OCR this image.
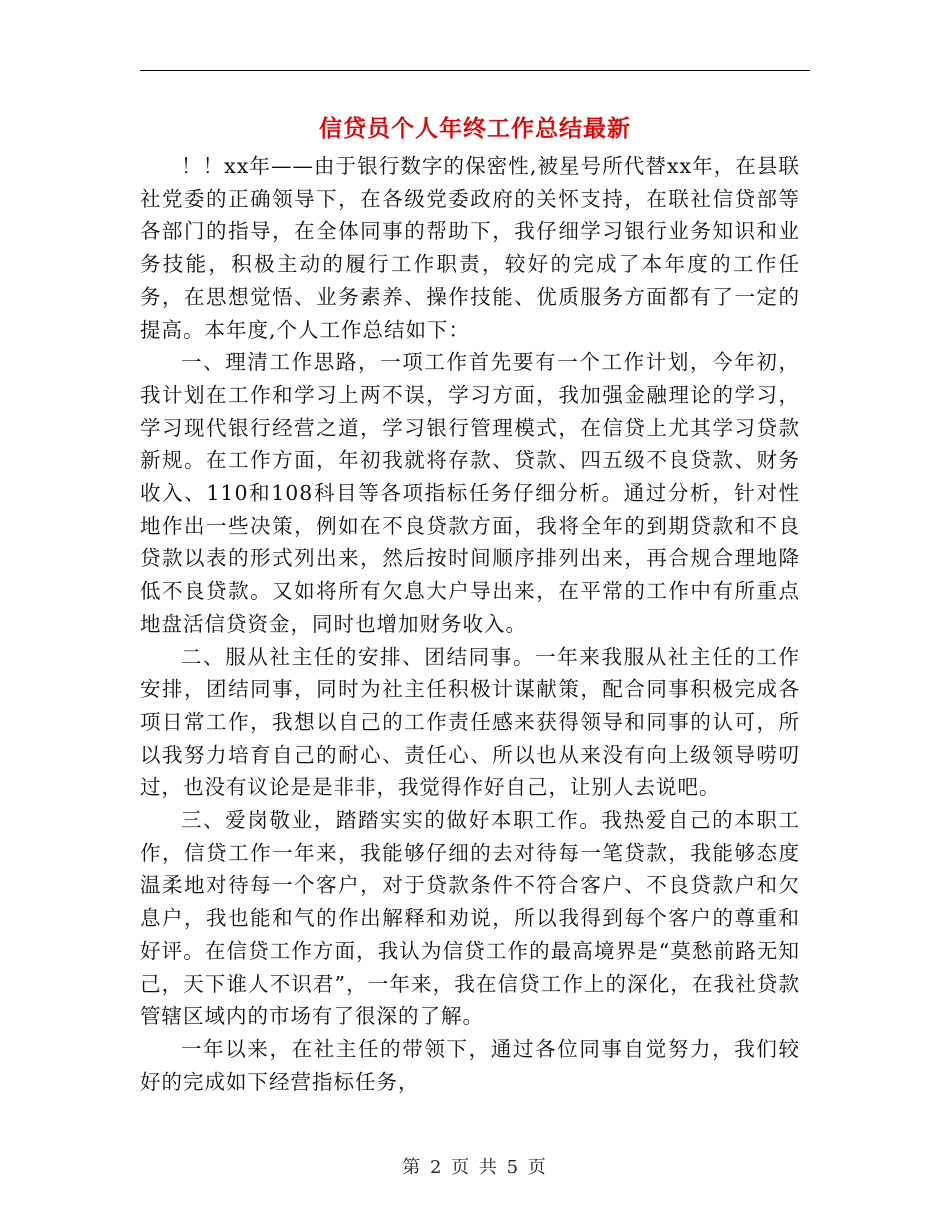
信贷员个人年终工作总结最新

！！xx年——由于银行数字的保密性,被星号所代替xx年，在县联社党委的正确领导下，在各级党委政府的关怀支持，在联社信贷部等各部门的指导，在全体同事的帮助下，我仔细学习银行业务知识和业务技能，积极主动的履行工作职责，较好的完成了本年度的工作任务，在思想觉悟、业务素养、操作技能、优质服务方面都有了一定的提高。本年度,个人工作总结如下：

一、理清工作思路，一项工作首先要有一个工作计划，今年初，我计划在工作和学习上两不误，学习方面，我加强金融理论的学习，学习现代银行经营之道，学习银行管理模式，在信贷上尤其学习贷款新规。在工作方面，年初我就将存款、贷款、四五级不良贷款、财务收入、110和108科目等各项指标任务仔细分析。通过分析，针对性地作出一些决策，例如在不良贷款方面，我将全年的到期贷款和不良贷款以表的形式列出来，然后按时间顺序排列出来，再合规合理地降低不良贷款。又如将所有欠息大户导出来，在平常的工作中有所重点地盘活信贷资金，同时也增加财务收入。

二、服从社主任的安排、团结同事。一年来我服从社主任的工作安排，团结同事，同时为社主任积极计谋献策，配合同事积极完成各项日常工作，我想以自己的工作责任感来获得领导和同事的认可，所以我努力培育自己的耐心、责任心、所以也从来没有向上级领导唠叨过，也没有议论是是非非，我觉得作好自己，让别人去说吧。

三、爱岗敬业，踏踏实实的做好本职工作。我热爱自己的本职工作，信贷工作一年来，我能够仔细的去对待每一笔贷款，我能够态度温柔地对待每一个客户，对于贷款条件不符合客户、不良贷款户和欠息户，我也能和气的作出解释和劝说，所以我得到每个客户的尊重和好评。在信贷工作方面，我认为信贷工作的最高境界是“莫愁前路无知己，天下谁人不识君”，一年来，我在信贷工作上的深化，在我社贷款管辖区域内的市场有了很深的了解。

一年以来，在社主任的带领下，通过各位同事自觉努力，我们较好的完成如下经营指标任务，

第 2 页 共 5 页
